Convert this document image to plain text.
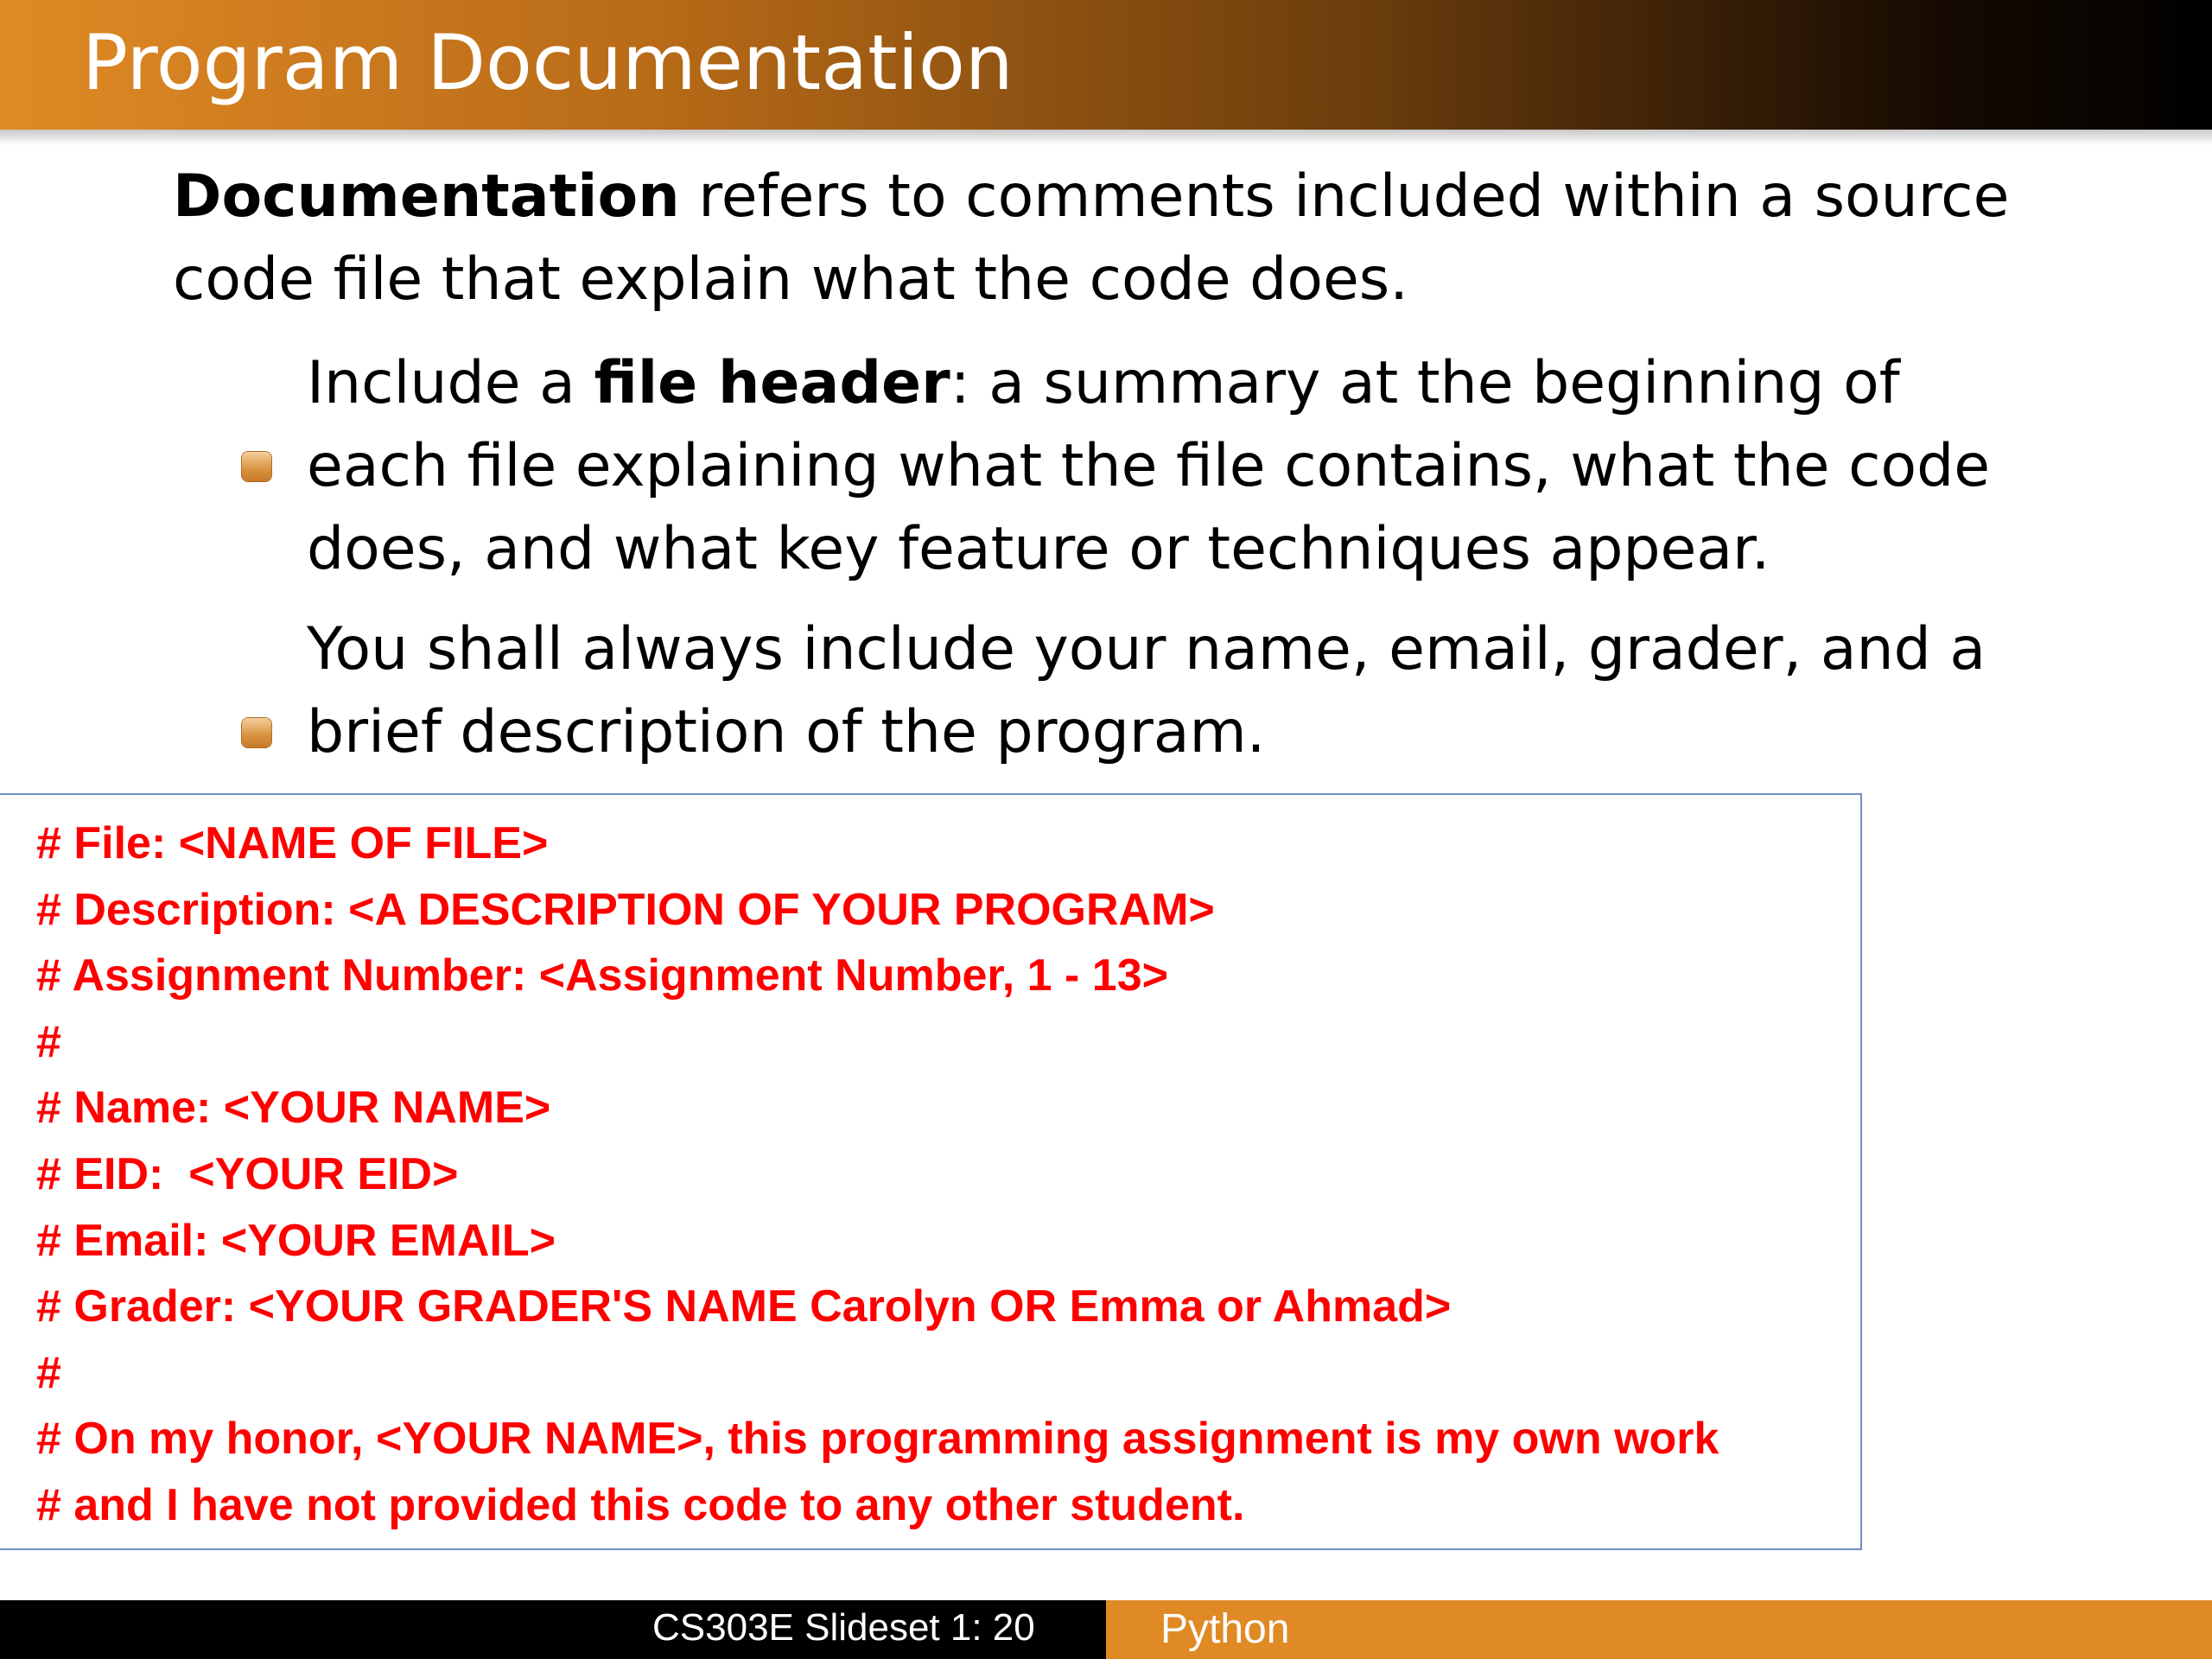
Program Documentation

Documentation refers to comments included within a source code file that explain what the code does.

Include a file header: a summary at the beginning of each file explaining what the file contains, what the code does, and what key feature or techniques appear.

You shall always include your name, email, grader, and a brief description of the program.

# File: <NAME OF FILE>
# Description: <A DESCRIPTION OF YOUR PROGRAM>
# Assignment Number: <Assignment Number, 1 - 13>
#
# Name: <YOUR NAME>
# EID:  <YOUR EID>
# Email: <YOUR EMAIL>
# Grader: <YOUR GRADER'S NAME Carolyn OR Emma or Ahmad>
#
# On my honor, <YOUR NAME>, this programming assignment is my own work
# and I have not provided this code to any other student.

CS303E Slideset 1: 20	Python
